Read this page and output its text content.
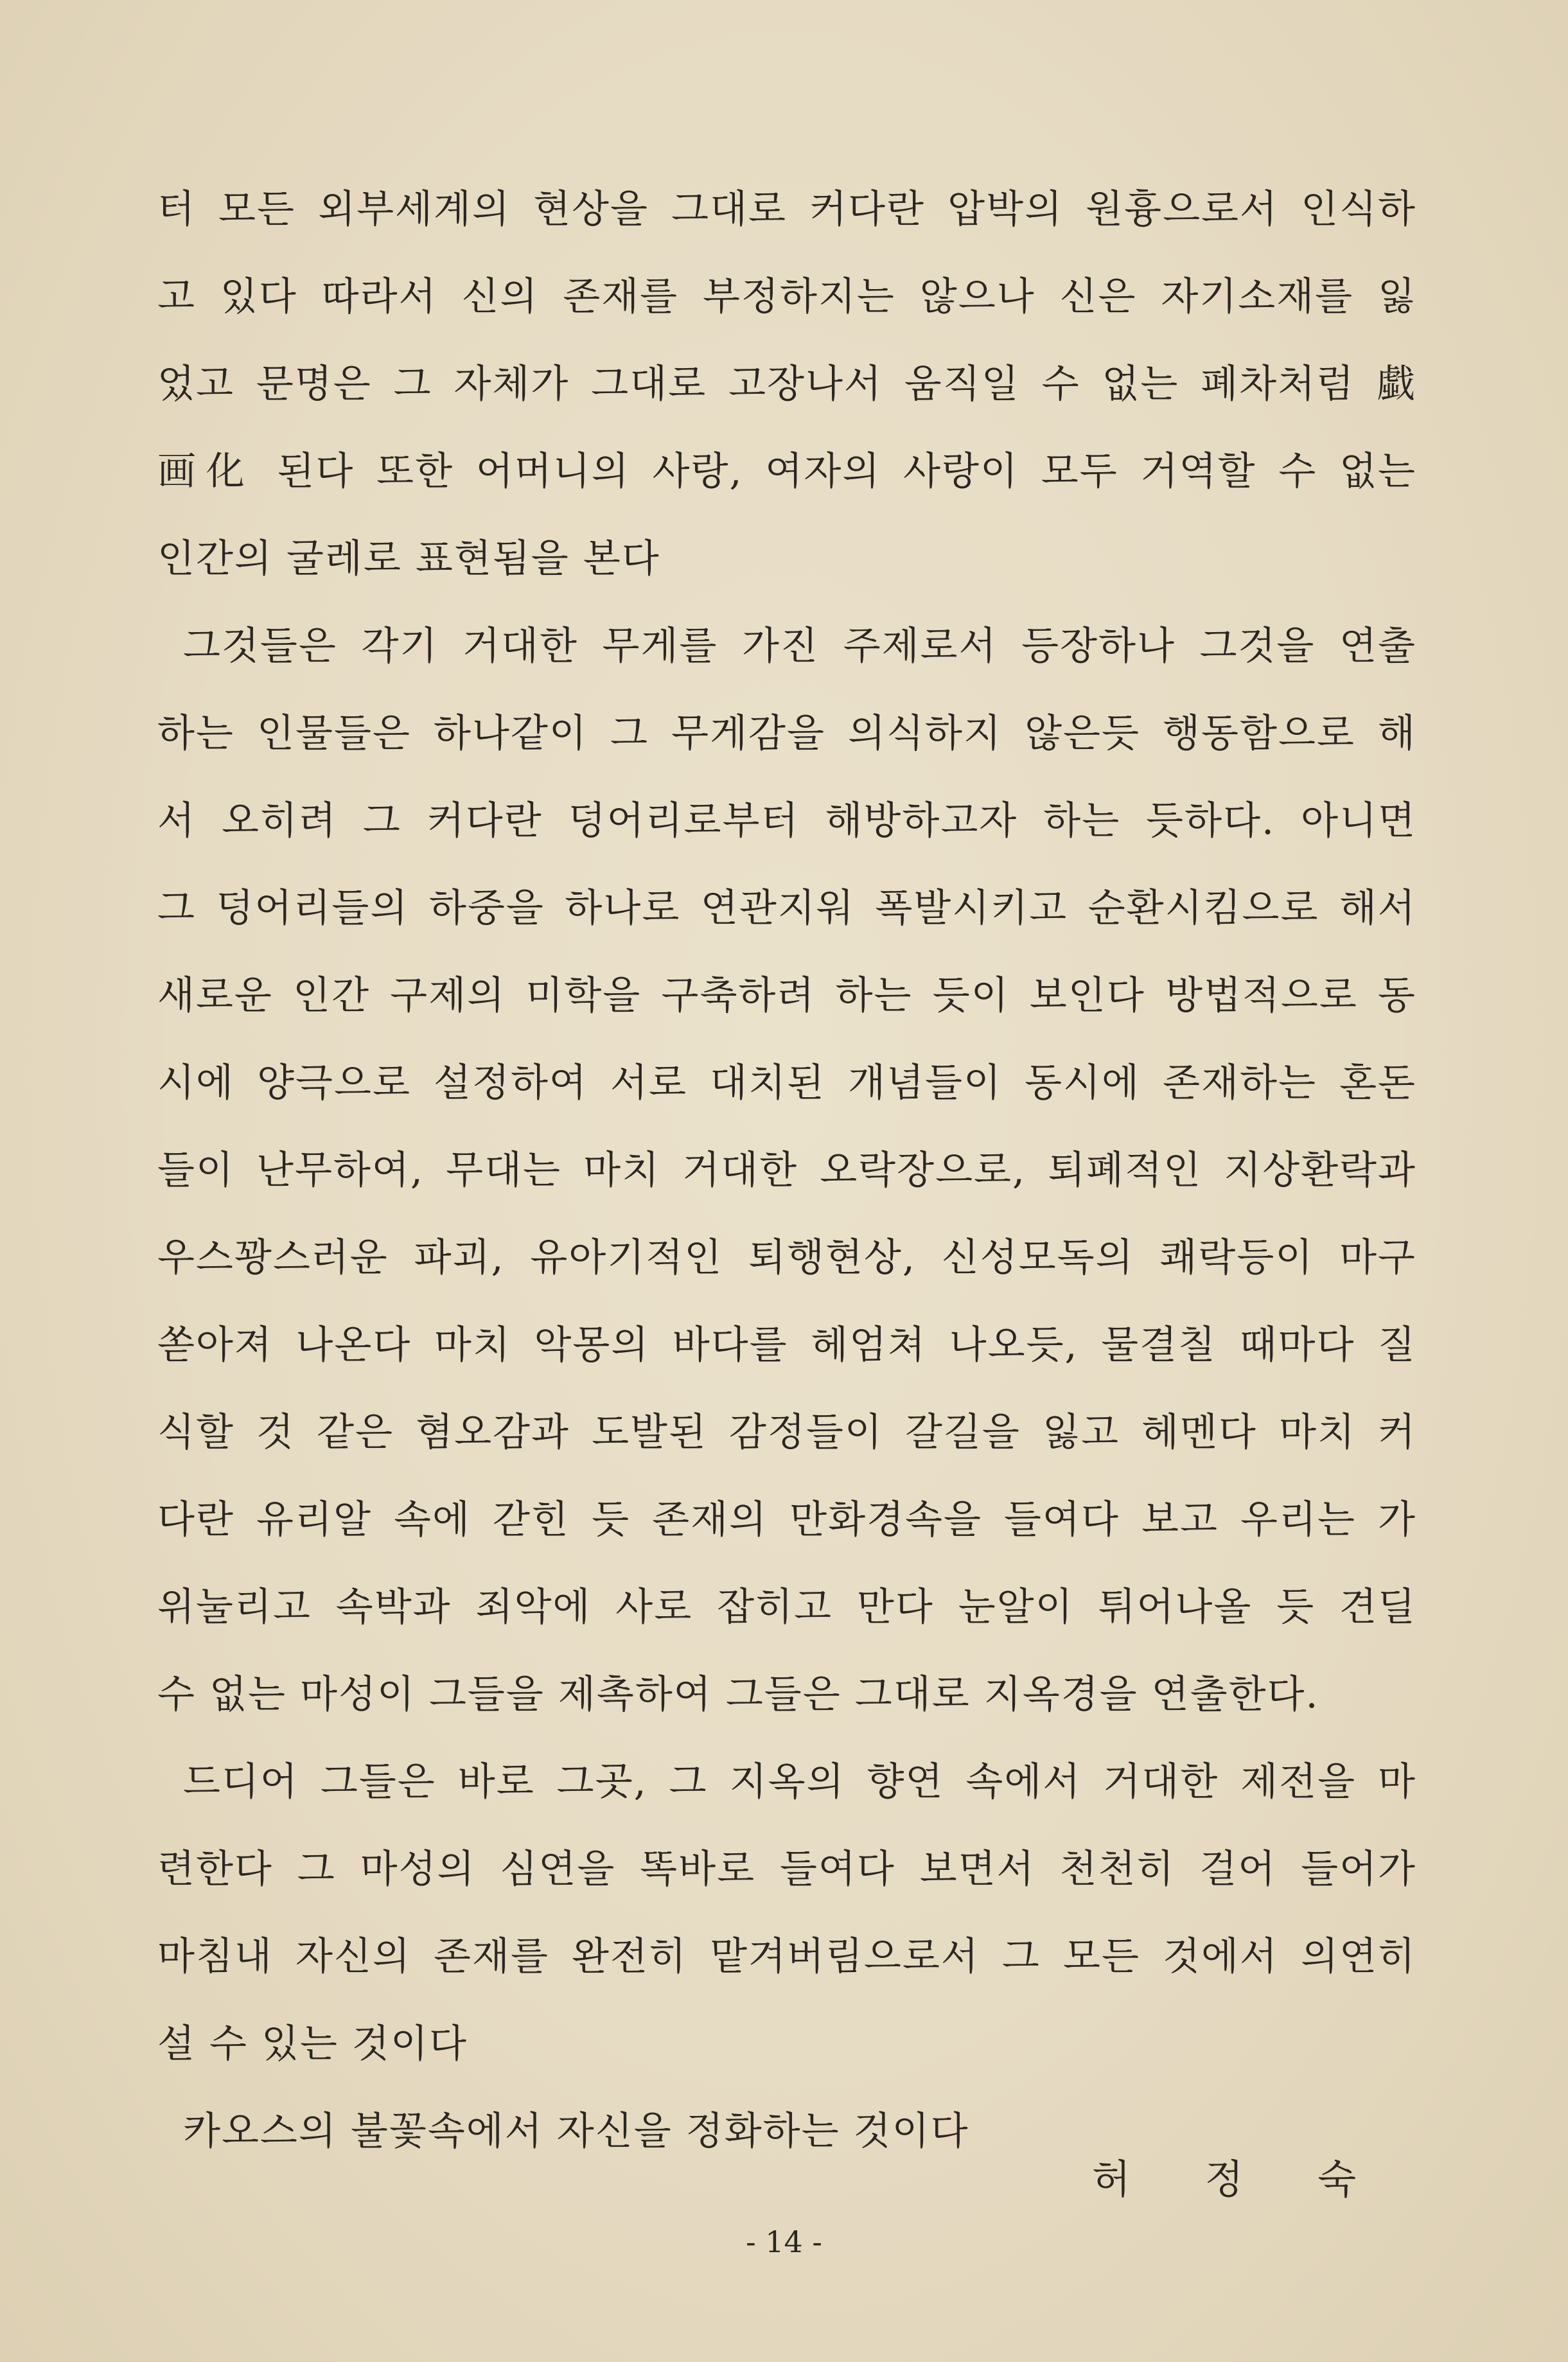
터 모든 외부세계의 현상을 그대로 커다란 압박의 원흉으로서 인식하
고 있다 따라서 신의 존재를 부정하지는 않으나 신은 자기소재를 잃
었고 문명은 그 자체가 그대로 고장나서 움직일 수 없는 폐차처럼 戱
画化 된다 또한 어머니의 사랑, 여자의 사랑이 모두 거역할 수 없는
인간의 굴레로 표현됨을 본다
그것들은 각기 거대한 무게를 가진 주제로서 등장하나 그것을 연출
하는 인물들은 하나같이 그 무게감을 의식하지 않은듯 행동함으로 해
서 오히려 그 커다란 덩어리로부터 해방하고자 하는 듯하다. 아니면
그 덩어리들의 하중을 하나로 연관지워 폭발시키고 순환시킴으로 해서
새로운 인간 구제의 미학을 구축하려 하는 듯이 보인다 방법적으로 동
시에 양극으로 설정하여 서로 대치된 개념들이 동시에 존재하는 혼돈
들이 난무하여, 무대는 마치 거대한 오락장으로, 퇴폐적인 지상환락과
우스꽝스러운 파괴, 유아기적인 퇴행현상, 신성모독의 쾌락등이 마구
쏟아져 나온다 마치 악몽의 바다를 헤엄쳐 나오듯, 물결칠 때마다 질
식할 것 같은 혐오감과 도발된 감정들이 갈길을 잃고 헤멘다 마치 커
다란 유리알 속에 갇힌 듯 존재의 만화경속을 들여다 보고 우리는 가
위눌리고 속박과 죄악에 사로 잡히고 만다 눈알이 튀어나올 듯 견딜
수 없는 마성이 그들을 제촉하여 그들은 그대로 지옥경을 연출한다.
드디어 그들은 바로 그곳, 그 지옥의 향연 속에서 거대한 제전을 마
련한다 그 마성의 심연을 똑바로 들여다 보면서 천천히 걸어 들어가
마침내 자신의 존재를 완전히 맡겨버림으로서 그 모든 것에서 의연히
설 수 있는 것이다
카오스의 불꽃속에서 자신을 정화하는 것이다
허 정 숙
- 14 -
